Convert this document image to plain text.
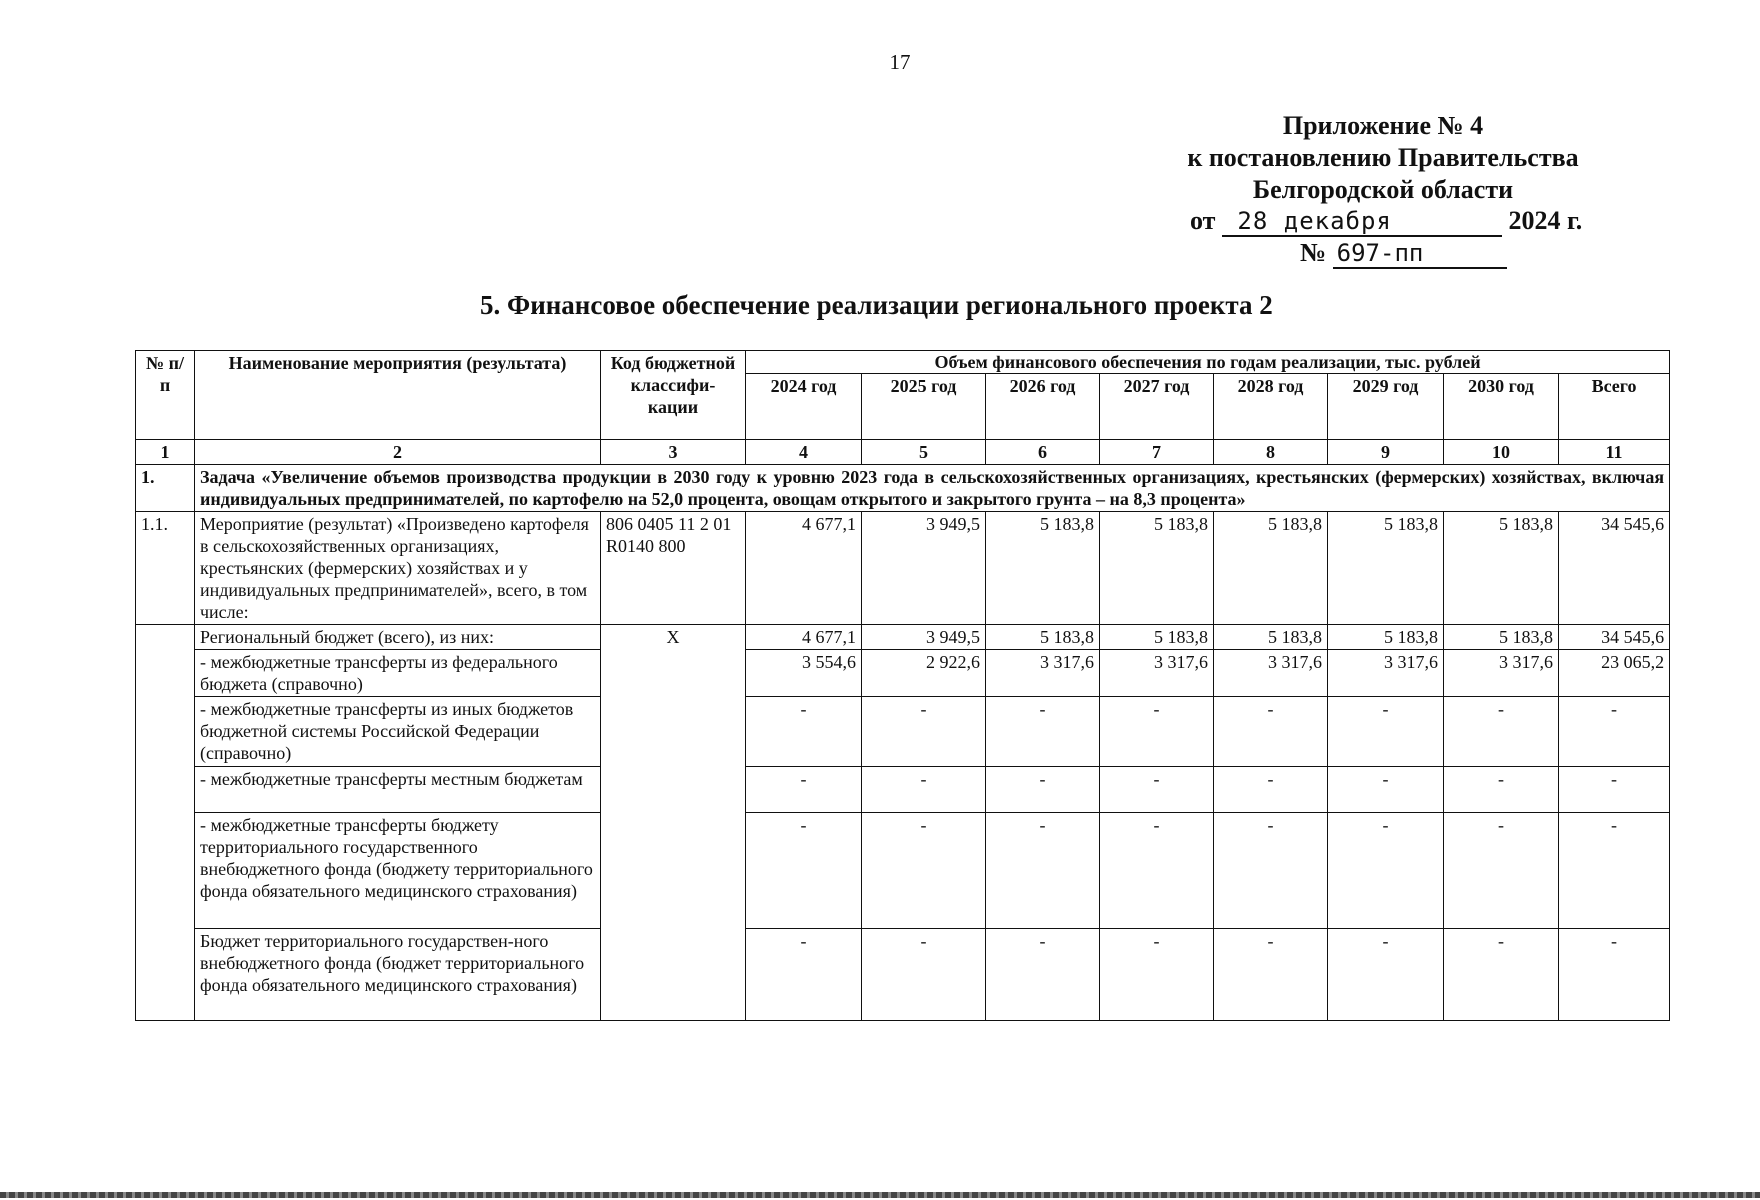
17
Приложение № 4
к постановлению Правительства
Белгородской области
от 28 декабря	2024 г.
№ 697-пп
5. Финансовое обеспечение реализации регионального проекта 2
№ п/п	Наименование мероприятия (результата)	Код бюджетной классифи-кации	Объем финансового обеспечения по годам реализации, тыс. рублей							
			2024 год	2025 год	2026 год	2027 год	2028 год	2029 год	2030 год	Всего
1	2	3	4	5	6	7	8	9	10	11
1.	Задача «Увеличение объемов производства продукции в 2030 году к уровню 2023 года в сельскохозяйственных организациях, крестьянских (фермерских) хозяйствах, включая индивидуальных предпринимателей, по картофелю на 52,0 процента, овощам открытого и закрытого грунта – на 8,3 процента»									
1.1.	Мероприятие (результат) «Произведено картофеля в сельскохозяйственных организациях, крестьянских (фермерских) хозяйствах и у индивидуальных предпринимателей», всего, в том числе:	806 0405 11 2 01 R0140 800	4 677,1	3 949,5	5 183,8	5 183,8	5 183,8	5 183,8	5 183,8	34 545,6
	Региональный бюджет (всего), из них:	X	4 677,1	3 949,5	5 183,8	5 183,8	5 183,8	5 183,8	5 183,8	34 545,6
	- межбюджетные трансферты из федерального бюджета (справочно)		3 554,6	2 922,6	3 317,6	3 317,6	3 317,6	3 317,6	3 317,6	23 065,2
	- межбюджетные трансферты из иных бюджетов бюджетной системы Российской Федерации (справочно)		-	-	-	-	-	-	-	-
	- межбюджетные трансферты местным бюджетам		-	-	-	-	-	-	-	-
	- межбюджетные трансферты бюджету территориального государственного внебюджетного фонда (бюджету территориального фонда обязательного медицинского страхования)		-	-	-	-	-	-	-	-
	Бюджет территориального государствен-ного внебюджетного фонда (бюджет территориального фонда обязательного медицинского страхования)		-	-	-	-	-	-	-	-
